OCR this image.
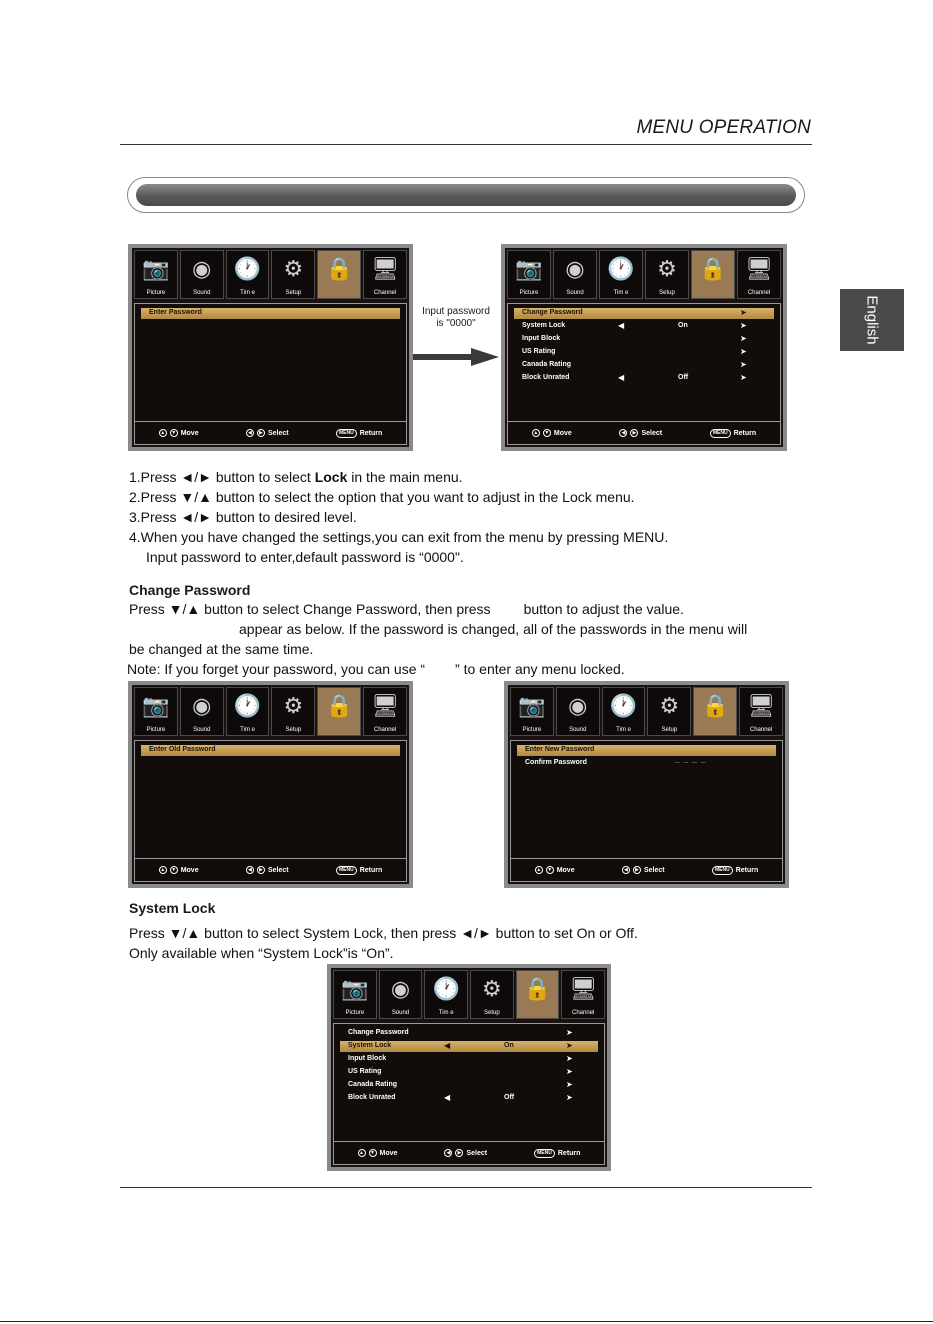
MENU OPERATION
English
📷
Picture
◉
Sound
🕐
Tim e
⚙
Setup
🔒 🖥
Channel
Enter Password	_ _ _ _
▲	▼ Move	◀	▶ Select	MENU Return
Input password
is "0000"
📷
Picture
◉
Sound
🕐
Tim e
⚙
Setup
🔒 🖥
Channel
Change Password	➤
System Lock	◀	On	➤
Input Block	➤
US Rating	➤
Canada Rating	➤
Block Unrated	◀	Off	➤
▲	▼ Move	◀	▶ Select	MENU Return
1.Press ◄/► button to select Lock in the main menu.
2.Press ▼/▲ button to select the option that you want to adjust in the Lock menu.
3.Press ◄/► button to desired level.
4.When you have changed the settings,you can exit from the menu by pressing MENU.
Input password to enter,default password is “0000".
Change Password
Press ▼/▲ button to select Change Password, then press button to adjust the value.
appear as below. If the password is changed, all of the passwords in the menu will
be changed at the same time.
Note: If you forget your password, you can use “ ” to enter any menu locked.
📷
Picture
◉
Sound
🕐
Tim e
⚙
Setup
🔒 🖥
Channel
Enter Old Password	_ _ _ _
▲	▼ Move	◀	▶ Select	MENU Return
📷
Picture
◉
Sound
🕐
Tim e
⚙
Setup
🔒 🖥
Channel
Enter New Password	_ _ _ _
Confirm Password	_ _ _ _
▲	▼ Move	◀	▶ Select	MENU Return
System Lock
Press ▼/▲ button to select System Lock, then press ◄/► button to set On or Off.
Only available when “System Lock”is “On”.
📷
Picture
◉
Sound
🕐
Tim e
⚙
Setup
🔒 🖥
Channel
Change Password	➤
System Lock	◀	On	➤
Input Block	➤
US Rating	➤
Canada Rating	➤
Block Unrated	◀	Off	➤
▲	▼ Move	◀	▶ Select	MENU Return
